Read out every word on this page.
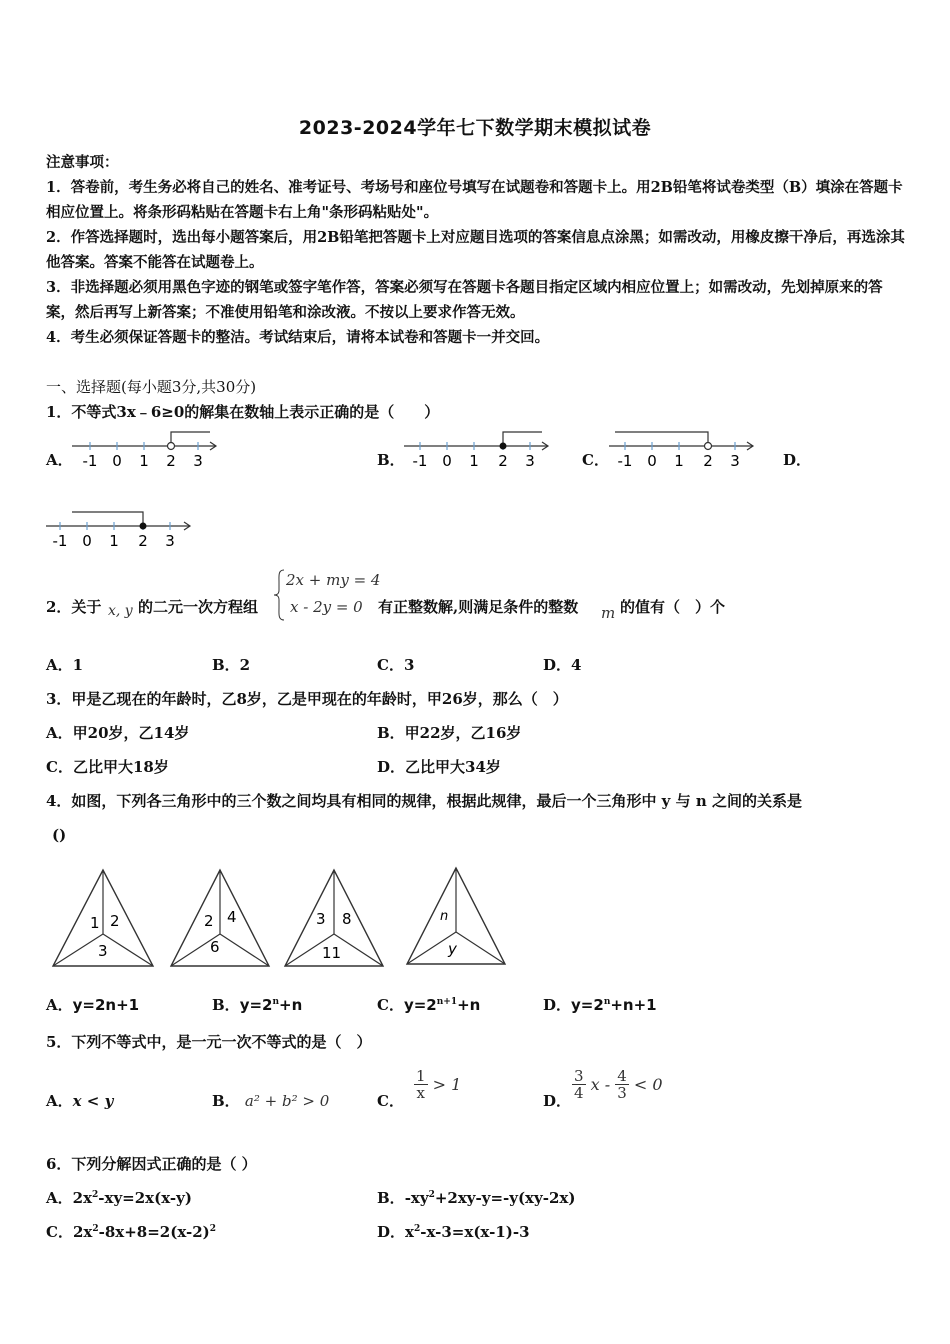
2023-2024学年七下数学期末模拟试卷
注意事项：
1．答卷前，考生务必将自己的姓名、准考证号、考场号和座位号填写在试题卷和答题卡上。用2B铅笔将试卷类型（B）填涂在答题卡相应位置上。将条形码粘贴在答题卡右上角"条形码粘贴处"。
2．作答选择题时，选出每小题答案后，用2B铅笔把答题卡上对应题目选项的答案信息点涂黑；如需改动，用橡皮擦干净后，再选涂其他答案。答案不能答在试题卷上。
3．非选择题必须用黑色字迹的钢笔或签字笔作答，答案必须写在答题卡各题目指定区域内相应位置上；如需改动，先划掉原来的答案，然后再写上新答案；不准使用铅笔和涂改液。不按以上要求作答无效。
4．考生必须保证答题卡的整洁。考试结束后，请将本试卷和答题卡一并交回。
一、选择题(每小题3分,共30分)
1．不等式3x﹣6≥0的解集在数轴上表示正确的是（　　）
A． -1 0 1 2 3	B． -1 0 1 2 3	C． -1 0 1 2 3	D．
-1 0 1 2 3
2．关于 x, y 的二元一次方程组
2x + my = 4
x - 2y = 0 有正整数解,则满足条件的整数 m 的值有（　）个
A．1	B．2	C．3	D．4
3．甲是乙现在的年龄时，乙8岁，乙是甲现在的年龄时，甲26岁，那么（　）
A．甲20岁，乙14岁	B．甲22岁，乙16岁
C．乙比甲大18岁	D．乙比甲大34岁
4．如图，下列各三角形中的三个数之间均具有相同的规律，根据此规律，最后一个三角形中 y 与 n 之间的关系是
()
1 2
3
2 4
6
3 8
11
n
y
A．y=2n+1	B．$y=2^n+n$	C．$y=2^{n+1}+n$	D．$y=2^n+n+1$
5．下列不等式中，是一元一次不等式的是（　）
A．x < y	B． a² + b² > 0	C． $\frac{1}{x} > 1$
D． $\frac{3}{4}$ $x - \frac{4}{3} < 0$
6．下列分解因式正确的是（ ）
A．$2x^2-xy=2x(x-y)$	B．$-xy^2+2xy-y=-y(xy-2x)$
C．$2x^2-8x+8=2(x-2)^2$	D．$x^2-x-3=x(x-1)-3$
